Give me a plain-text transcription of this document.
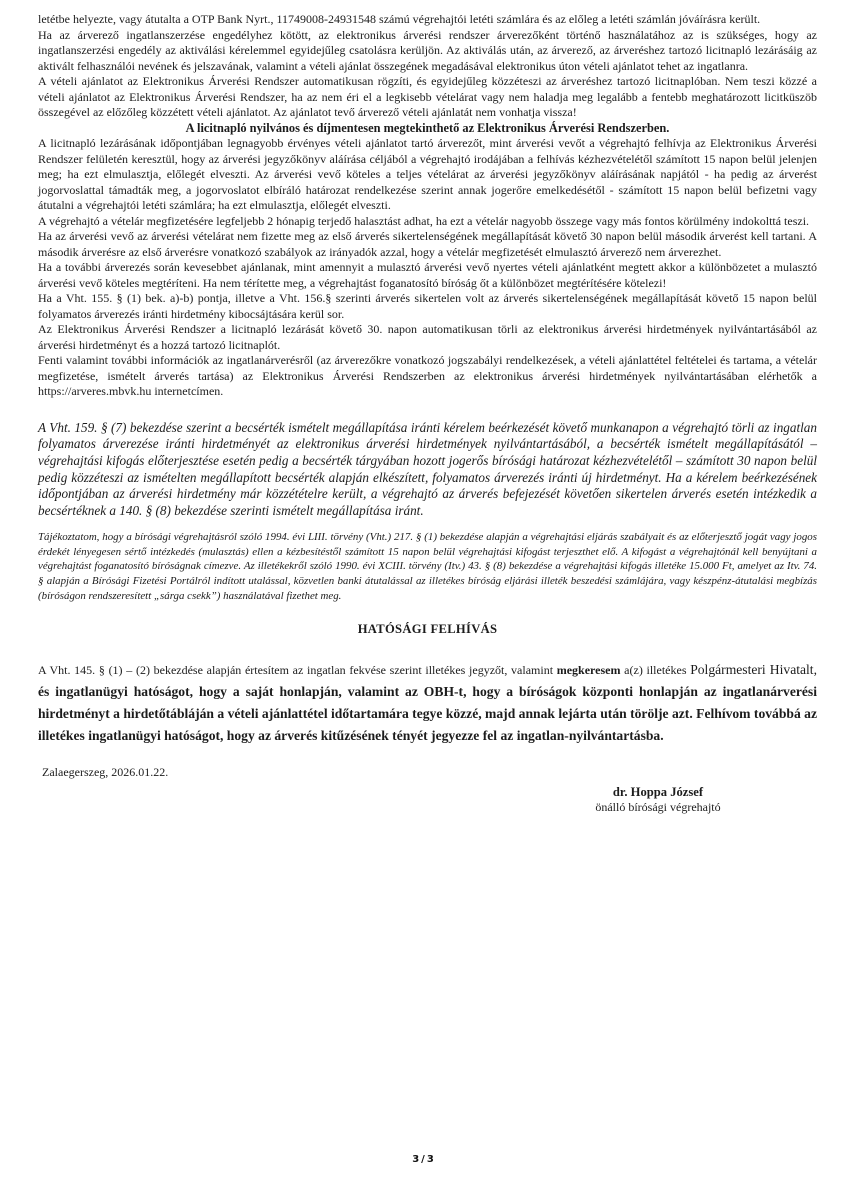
letétbe helyezte, vagy átutalta a OTP Bank Nyrt., 11749008-24931548 számú végrehajtói letéti számlára és az előleg a letéti számlán jóváírásra került.

Ha az árverező ingatlanszerzése engedélyhez kötött, az elektronikus árverési rendszer árverezőként történő használatához az is szükséges, hogy az ingatlanszerzési engedély az aktiválási kérelemmel egyidejűleg csatolásra kerüljön. Az aktiválás után, az árverező, az árveréshez tartozó licitnapló lezárásáig az aktivált felhasználói nevének és jelszavának, valamint a vételi ajánlat összegének megadásával elektronikus úton vételi ajánlatot tehet az ingatlanra.

A vételi ajánlatot az Elektronikus Árverési Rendszer automatikusan rögzíti, és egyidejűleg közzéteszi az árveréshez tartozó licitnaplóban. Nem teszi közzé a vételi ajánlatot az Elektronikus Árverési Rendszer, ha az nem éri el a legkisebb vételárat vagy nem haladja meg legalább a fentebb meghatározott licitküszöb összegével az előzőleg közzétett vételi ajánlatot. Az ajánlatot tevő árverező vételi ajánlatát nem vonhatja vissza!

A licitnapló nyilvános és díjmentesen megtekinthető az Elektronikus Árverési Rendszerben.

A licitnapló lezárásának időpontjában legnagyobb érvényes vételi ajánlatot tartó árverezőt, mint árverési vevőt a végrehajtó felhívja az Elektronikus Árverési Rendszer felületén keresztül, hogy az árverési jegyzőkönyv aláírása céljából a végrehajtó irodájában a felhívás kézhezvételétől számított 15 napon belül jelenjen meg; ha ezt elmulasztja, előlegét elveszti. Az árverési vevő köteles a teljes vételárat az árverési jegyzőkönyv aláírásának napjától - ha pedig az árverést jogorvoslattal támadták meg, a jogorvoslatot elbíráló határozat rendelkezése szerint annak jogerőre emelkedésétől - számított 15 napon belül befizetni vagy átutalni a végrehajtói letéti számlára; ha ezt elmulasztja, előlegét elveszti.

A végrehajtó a vételár megfizetésére legfeljebb 2 hónapig terjedő halasztást adhat, ha ezt a vételár nagyobb összege vagy más fontos körülmény indokolttá teszi.

Ha az árverési vevő az árverési vételárat nem fizette meg az első árverés sikertelenségének megállapítását követő 30 napon belül második árverést kell tartani. A második árverésre az első árverésre vonatkozó szabályok az irányadók azzal, hogy a vételár megfizetését elmulasztó árverező nem árverezhet.

Ha a további árverezés során kevesebbet ajánlanak, mint amennyit a mulasztó árverési vevő nyertes vételi ajánlatként megtett akkor a különbözetet a mulasztó árverési vevő köteles megtéríteni. Ha nem térítette meg, a végrehajtást foganatosító bíróság őt a különbözet megtérítésére kötelezi!

Ha a Vht. 155. § (1) bek. a)-b) pontja, illetve a Vht. 156.§ szerinti árverés sikertelen volt az árverés sikertelenségének megállapítását követő 15 napon belül folyamatos árverezés iránti hirdetmény kibocsájtására kerül sor.

Az Elektronikus Árverési Rendszer a licitnapló lezárását követő 30. napon automatikusan törli az elektronikus árverési hirdetmények nyilvántartásából az árverési hirdetményt és a hozzá tartozó licitnaplót.

Fenti valamint további információk az ingatlanárverésről (az árverezőkre vonatkozó jogszabályi rendelkezések, a vételi ajánlattétel feltételei és tartama, a vételár megfizetése, ismételt árverés tartása) az Elektronikus Árverési Rendszerben az elektronikus árverési hirdetmények nyilvántartásában elérhetők a https://arveres.mbvk.hu internetcímen.

A Vht. 159. § (7) bekezdése szerint a becsérték ismételt megállapítása iránti kérelem beérkezését követő munkanapon a végrehajtó törli az ingatlan folyamatos árverezése iránti hirdetményét az elektronikus árverési hirdetmények nyilvántartásából, a becsérték ismételt megállapításától – végrehajtási kifogás előterjesztése esetén pedig a becsérték tárgyában hozott jogerős bírósági határozat kézhezvételétől – számított 30 napon belül pedig közzéteszi az ismételten megállapított becsérték alapján elkészített, folyamatos árverezés iránti új hirdetményt. Ha a kérelem beérkezésének időpontjában az árverési hirdetmény már közzétételre került, a végrehajtó az árverés befejezését követően sikertelen árverés esetén intézkedik a becsértéknek a 140. § (8) bekezdése szerinti ismételt megállapítása iránt.

Tájékoztatom, hogy a bírósági végrehajtásról szóló 1994. évi LIII. törvény (Vht.) 217. § (1) bekezdése alapján a végrehajtási eljárás szabályait és az előterjesztő jogát vagy jogos érdekét lényegesen sértő intézkedés (mulasztás) ellen a kézbesítéstől számított 15 napon belül végrehajtási kifogást terjeszthet elő. A kifogást a végrehajtónál kell benyújtani a végrehajtást foganatosító bíróságnak címezve. Az illetékekről szóló 1990. évi XCIII. törvény (Itv.) 43. § (8) bekezdése a végrehajtási kifogás illetéke 15.000 Ft, amelyet az Itv. 74. § alapján a Bírósági Fizetési Portálról indított utalással, közvetlen banki átutalással az illetékes bíróság eljárási illeték beszedési számlájára, vagy készpénz-átutalási megbízás (bíróságon rendszeresített „sárga csekk”) használatával fizethet meg.

HATÓSÁGI FELHÍVÁS

A Vht. 145. § (1) – (2) bekezdése alapján értesítem az ingatlan fekvése szerint illetékes jegyzőt, valamint megkeresem a(z) illetékes Polgármesteri Hivatalt, és ingatlanügyi hatóságot, hogy a saját honlapján, valamint az OBH-t, hogy a bíróságok központi honlapján az ingatlanárverési hirdetményt a hirdetőtábláján a vételi ajánlattétel időtartamára tegye közzé, majd annak lejárta után törölje azt. Felhívom továbbá az illetékes ingatlanügyi hatóságot, hogy az árverés kitűzésének tényét jegyezze fel az ingatlan-nyilvántartásba.

Zalaegerszeg, 2026.01.22.

dr. Hoppa József
önálló bírósági végrehajtó
3/3
